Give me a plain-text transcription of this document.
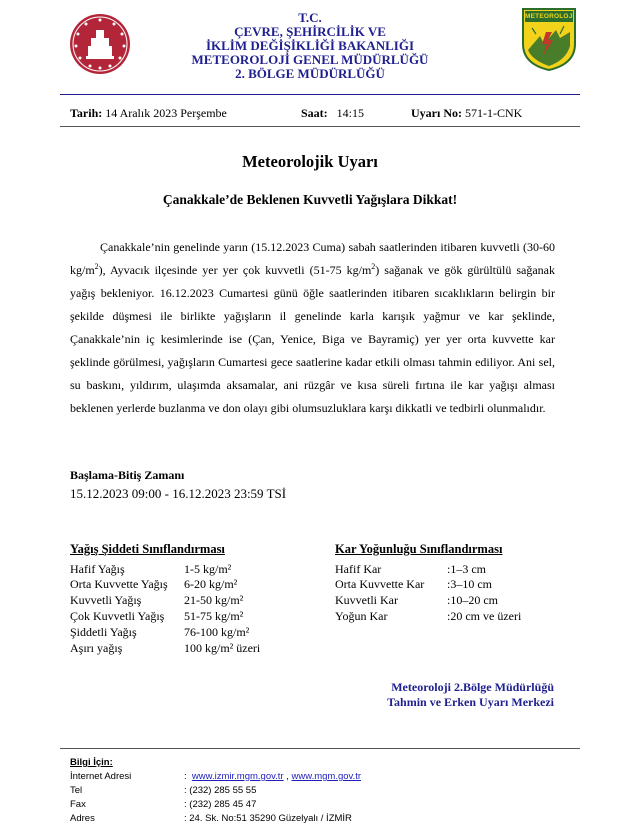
T.C.
ÇEVRE, ŞEHİRCİLİK VE
İKLİM DEĞİŞİKLİĞİ BAKANLIĞI
METEOROLOJİ GENEL MÜDÜRLÜĞÜ
2. BÖLGE MÜDÜRLÜĞÜ
METEOROLOJİ
Tarih: 14 Aralık 2023 Perşembe	Saat: 14:15	Uyarı No: 571-1-CNK
Meteorolojik Uyarı
Çanakkale’de Beklenen Kuvvetli Yağışlara Dikkat!
Çanakkale’nin genelinde yarın (15.12.2023 Cuma) sabah saatlerinden itibaren kuvvetli (30-60 $kg/m^2$), Ayvacık ilçesinde yer yer çok kuvvetli (51-75 $kg/m^2$) sağanak ve gök gürültülü sağanak yağış bekleniyor. 16.12.2023 Cumartesi günü öğle saatlerinden itibaren sıcaklıkların belirgin bir şekilde düşmesi ile birlikte yağışların il genelinde karla karışık yağmur ve kar şeklinde, Çanakkale’nin iç kesimlerinde ise (Çan, Yenice, Biga ve Bayramiç) yer yer orta kuvvette kar şeklinde görülmesi, yağışların Cumartesi gece saatlerine kadar etkili olması tahmin ediliyor. Ani sel, su baskını, yıldırım, ulaşımda aksamalar, ani rüzgâr ve kısa süreli fırtına ile kar yağışı alması beklenen yerlerde buzlanma ve don olayı gibi olumsuzluklara karşı dikkatli ve tedbirli olunmalıdır.
Başlama-Bitiş Zamanı
15.12.2023 09:00 - 16.12.2023 23:59 TSİ
Yağış Şiddeti Sınıflandırması
Hafif Yağış	1-5 kg/m²
Orta Kuvvette Yağış 6-20 kg/m²
Kuvvetli Yağış	21-50 kg/m²
Çok Kuvvetli Yağış 51-75 kg/m²
Şiddetli Yağış	76-100 kg/m²
Aşırı yağış	100 kg/m² üzeri
Kar Yoğunluğu Sınıflandırması
Hafif Kar	:1–3 cm
Orta Kuvvette Kar :3–10 cm
Kuvvetli Kar	:10–20 cm
Yoğun Kar	:20 cm ve üzeri
Meteoroloji 2.Bölge Müdürlüğü
Tahmin ve Erken Uyarı Merkezi
Bilgi İçin:
İnternet Adresi	: www.izmir.mgm.gov.tr , www.mgm.gov.tr
Tel	: (232) 285 55 55
Fax	: (232) 285 45 47
Adres	: 24. Sk. No:51 35290 Güzelyalı / İZMİR
